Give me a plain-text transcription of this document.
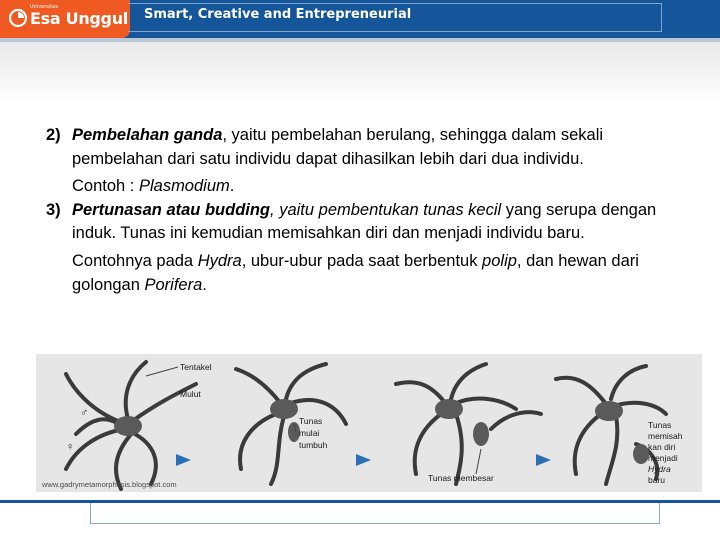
Universitas
Esa Unggul Smart, Creative and Entrepreneurial
2) Pembelahan ganda, yaitu pembelahan berulang, sehingga dalam sekali pembelahan dari satu individu dapat dihasilkan lebih dari dua individu.
Contoh : Plasmodium.
3) Pertunasan atau budding, yaitu pembentukan tunas kecil yang serupa dengan induk. Tunas ini kemudian memisahkan diri dan menjadi individu baru.
Contohnya pada Hydra, ubur-ubur pada saat berbentuk polip, dan hewan dari golongan Porifera.
Tentakel
Mulut
Tunas
mulai
tumbuh
Tunas membesar
Tunas
memisah
kan diri
menjadi
Hydra
baru
♂
♀
www.gadrymetamorphosis.blogspot.com
